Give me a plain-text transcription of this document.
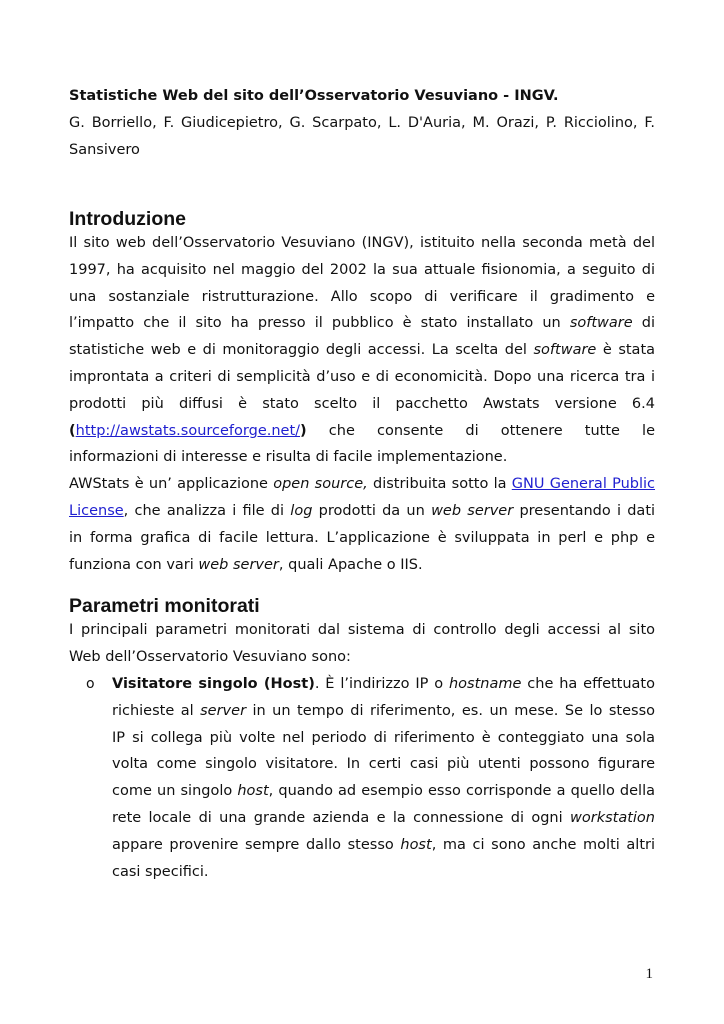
Statistiche Web del sito dell’Osservatorio Vesuviano - INGV.

G. Borriello, F. Giudicepietro, G. Scarpato, L. D'Auria, M. Orazi, P. Ricciolino, F.
Sansivero
Introduzione

Il sito web dell’Osservatorio Vesuviano (INGV), istituito nella seconda metà del
1997, ha acquisito nel maggio del 2002 la sua attuale fisionomia, a seguito di
una sostanziale ristrutturazione. Allo scopo di verificare il gradimento e
l’impatto che il sito ha presso il pubblico è stato installato un software di
statistiche web e di monitoraggio degli accessi. La scelta del software è stata
improntata a criteri di semplicità d’uso e di economicità. Dopo una ricerca tra i
prodotti più diffusi è stato scelto il pacchetto Awstats versione 6.4
(http://awstats.sourceforge.net/) che consente di ottenere tutte le
informazioni di interesse e risulta di facile implementazione.

AWStats è un’ applicazione open source, distribuita sotto la GNU General Public
License, che analizza i file di log prodotti da un web server presentando i dati
in forma grafica di facile lettura. L’applicazione è sviluppata in perl e php e
funziona con vari web server, quali Apache o IIS.

Parametri monitorati

I principali parametri monitorati dal sistema di controllo degli accessi al sito
Web dell’Osservatorio Vesuviano sono:

o Visitatore singolo (Host). È l’indirizzo IP o hostname che ha effettuato
richieste al server in un tempo di riferimento, es. un mese. Se lo stesso
IP si collega più volte nel periodo di riferimento è conteggiato una sola
volta come singolo visitatore. In certi casi più utenti possono figurare
come un singolo host, quando ad esempio esso corrisponde a quello della
rete locale di una grande azienda e la connessione di ogni workstation
appare provenire sempre dallo stesso host, ma ci sono anche molti altri
casi specifici.

1
